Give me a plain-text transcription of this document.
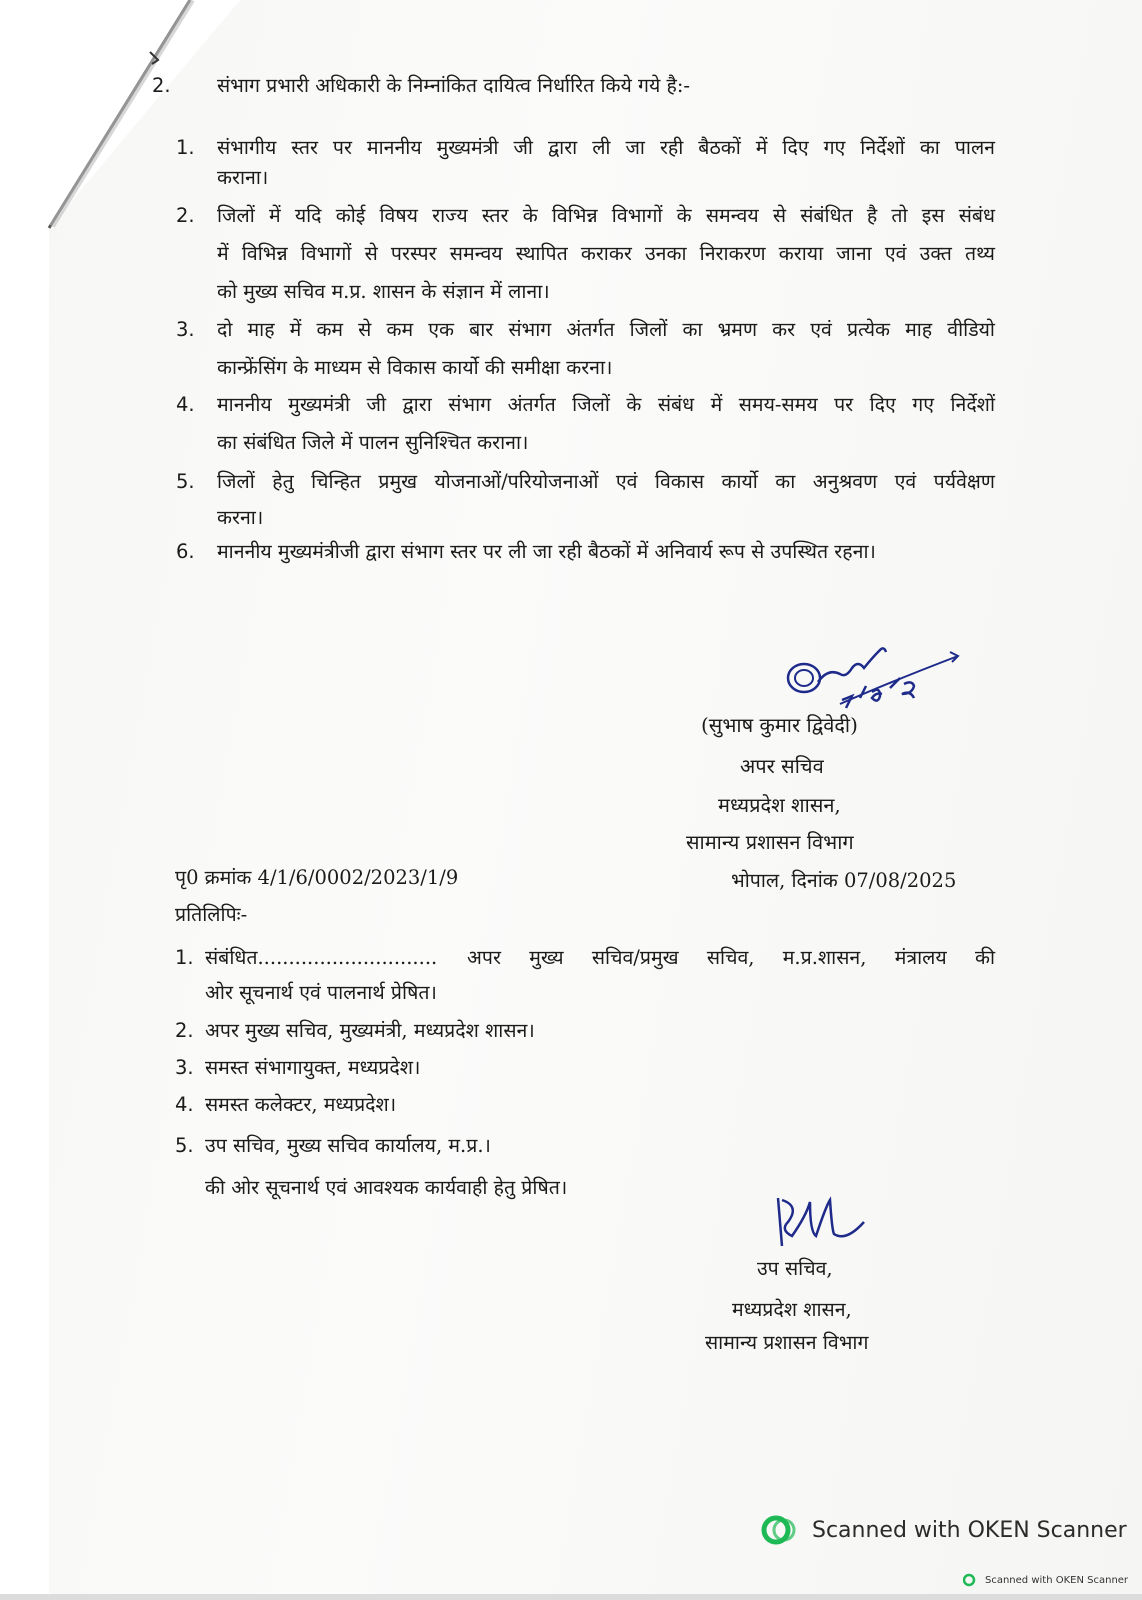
2. संभाग प्रभारी अधिकारी के निम्नांकित दायित्व निर्धारित किये गये है:-
1. संभागीय स्तर पर माननीय मुख्यमंत्री जी द्वारा ली जा रही बैठकों में दिए गए निर्देशों का पालन
कराना।
2. जिलों में यदि कोई विषय राज्य स्तर के विभिन्न विभागों के समन्वय से संबंधित है तो इस संबंध
में विभिन्न विभागों से परस्पर समन्वय स्थापित कराकर उनका निराकरण कराया जाना एवं उक्त तथ्य
को मुख्य सचिव म.प्र. शासन के संज्ञान में लाना।
3. दो माह में कम से कम एक बार संभाग अंतर्गत जिलों का भ्रमण कर एवं प्रत्येक माह वीडियो
कान्फ्रेंसिंग के माध्यम से विकास कार्यो की समीक्षा करना।
4. माननीय मुख्यमंत्री जी द्वारा संभाग अंतर्गत जिलों के संबंध में समय-समय पर दिए गए निर्देशों
का संबंधित जिले में पालन सुनिश्चित कराना।
5. जिलों हेतु चिन्हित प्रमुख योजनाओं/परियोजनाओं एवं विकास कार्यो का अनुश्रवण एवं पर्यवेक्षण
करना।
6. माननीय मुख्यमंत्रीजी द्वारा संभाग स्तर पर ली जा रही बैठकों में अनिवार्य रूप से उपस्थित रहना।
(सुभाष कुमार द्विवेदी)
अपर सचिव
मध्यप्रदेश शासन,
सामान्य प्रशासन विभाग
पृ0 क्रमांक 4/1/6/0002/2023/1/9	भोपाल, दिनांक 07/08/2025
प्रतिलिपिः-
1. संबंधित............................. अपर मुख्य सचिव/प्रमुख सचिव, म.प्र.शासन, मंत्रालय की
ओर सूचनार्थ एवं पालनार्थ प्रेषित।
2. अपर मुख्य सचिव, मुख्यमंत्री, मध्यप्रदेश शासन।
3. समस्त संभागायुक्त, मध्यप्रदेश।
4. समस्त कलेक्टर, मध्यप्रदेश।
5. उप सचिव, मुख्य सचिव कार्यालय, म.प्र.।
की ओर सूचनार्थ एवं आवश्यक कार्यवाही हेतु प्रेषित।
उप सचिव,
मध्यप्रदेश शासन,
सामान्य प्रशासन विभाग
Scanned with OKEN Scanner
Scanned with OKEN Scanner
